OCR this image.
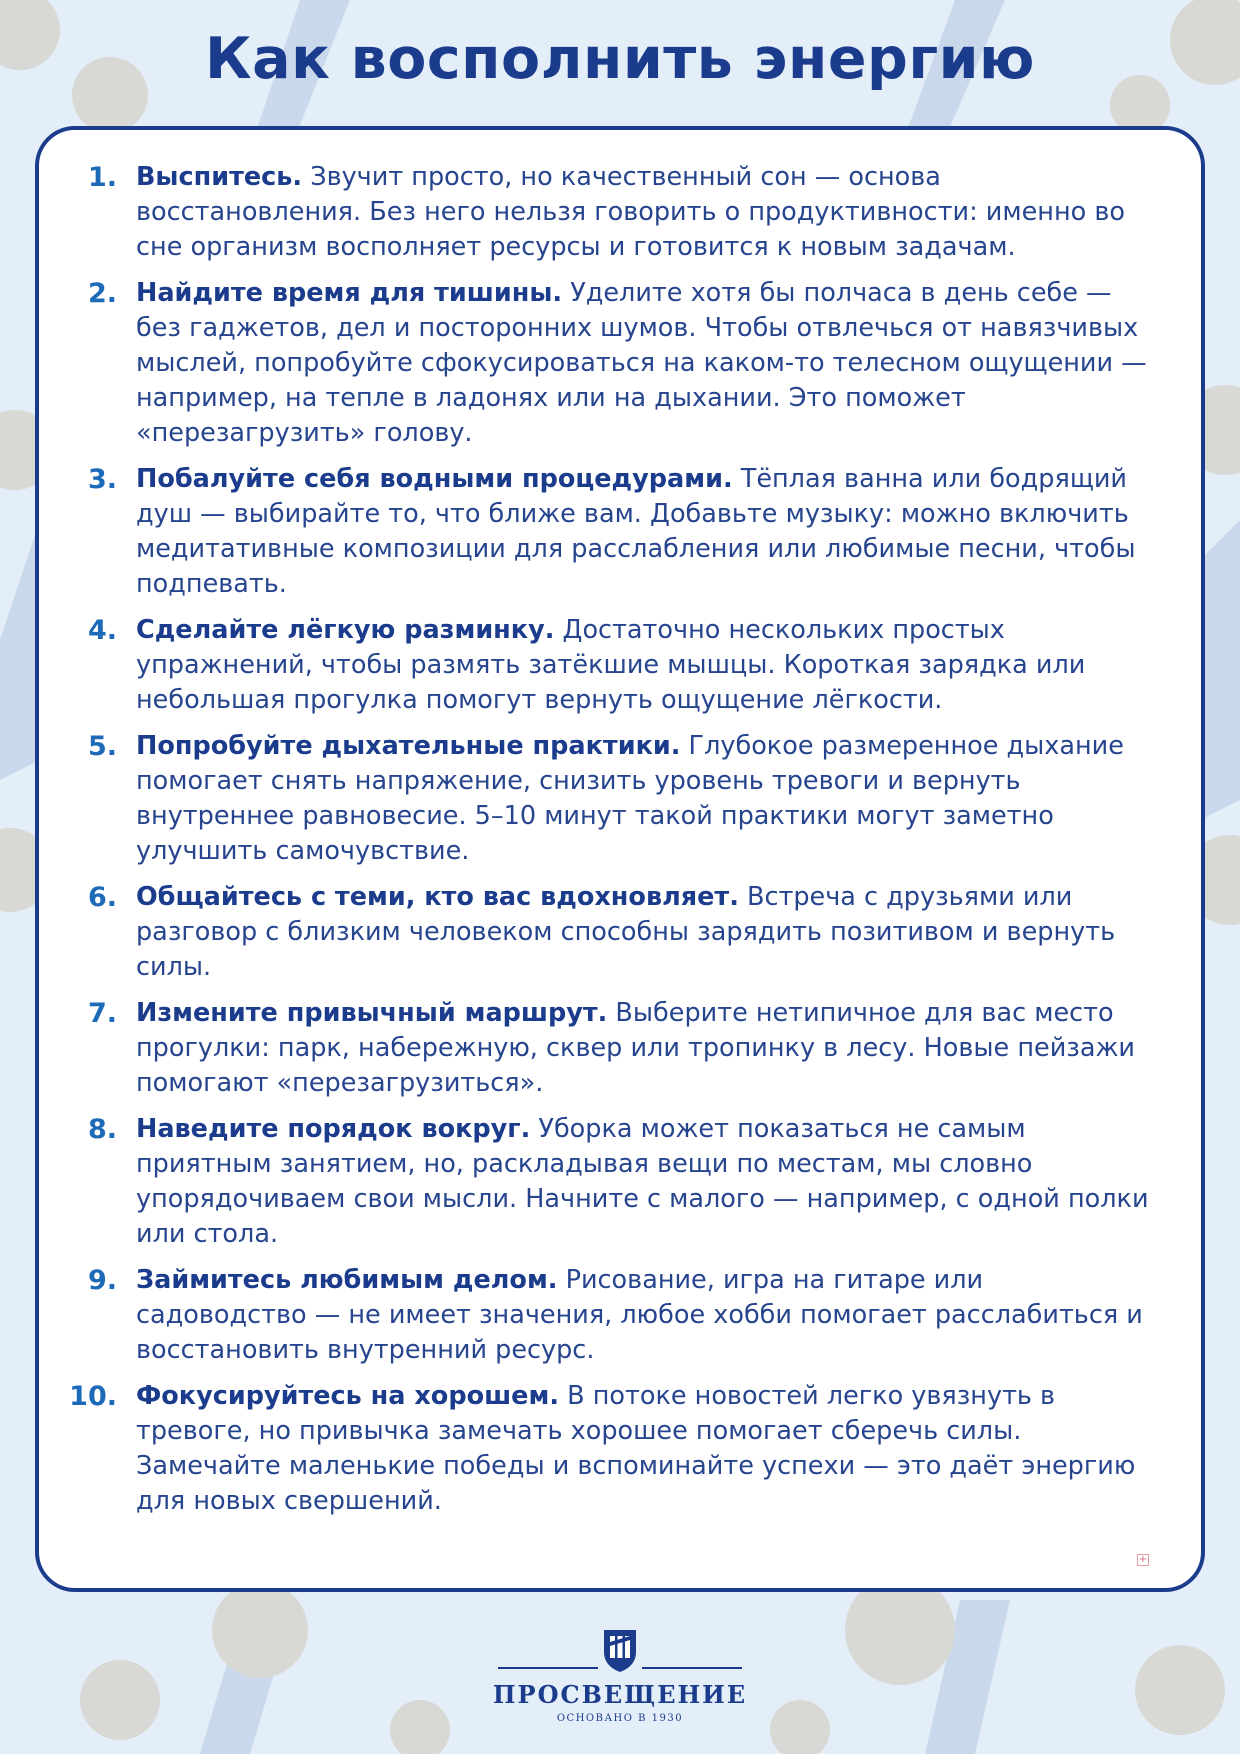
Как восполнить энергию
1. Выспитесь. Звучит просто, но качественный сон — основа восстановления. Без него нельзя говорить о продуктивности: именно во сне организм восполняет ресурсы и готовится к новым задачам.

2. Найдите время для тишины. Уделите хотя бы полчаса в день себе — без гаджетов, дел и посторонних шумов. Чтобы отвлечься от навязчивых мыслей, попробуйте сфокусироваться на каком-то телесном ощущении — например, на тепле в ладонях или на дыхании. Это поможет «перезагрузить» голову.

3. Побалуйте себя водными процедурами. Тёплая ванна или бодрящий душ — выбирайте то, что ближе вам. Добавьте музыку: можно включить медитативные композиции для расслабления или любимые песни, чтобы подпевать.

4. Сделайте лёгкую разминку. Достаточно нескольких простых упражнений, чтобы размять затёкшие мышцы. Короткая зарядка или небольшая прогулка помогут вернуть ощущение лёгкости.

5. Попробуйте дыхательные практики. Глубокое размеренное дыхание помогает снять напряжение, снизить уровень тревоги и вернуть внутреннее равновесие. 5–10 минут такой практики могут заметно улучшить самочувствие.

6. Общайтесь с теми, кто вас вдохновляет. Встреча с друзьями или разговор с близким человеком способны зарядить позитивом и вернуть силы.

7. Измените привычный маршрут. Выберите нетипичное для вас место прогулки: парк, набережную, сквер или тропинку в лесу. Новые пейзажи помогают «перезагрузиться».

8. Наведите порядок вокруг. Уборка может показаться не самым приятным занятием, но, раскладывая вещи по местам, мы словно упорядочиваем свои мысли. Начните с малого — например, с одной полки или стола.

9. Займитесь любимым делом. Рисование, игра на гитаре или садоводство — не имеет значения, любое хобби помогает расслабиться и восстановить внутренний ресурс.

10. Фокусируйтесь на хорошем. В потоке новостей легко увязнуть в тревоге, но привычка замечать хорошее помогает сберечь силы. Замечайте маленькие победы и вспоминайте успехи — это даёт энергию для новых свершений.

+

ПРОСВЕЩЕНИЕ

ОСНОВАНО В 1930
